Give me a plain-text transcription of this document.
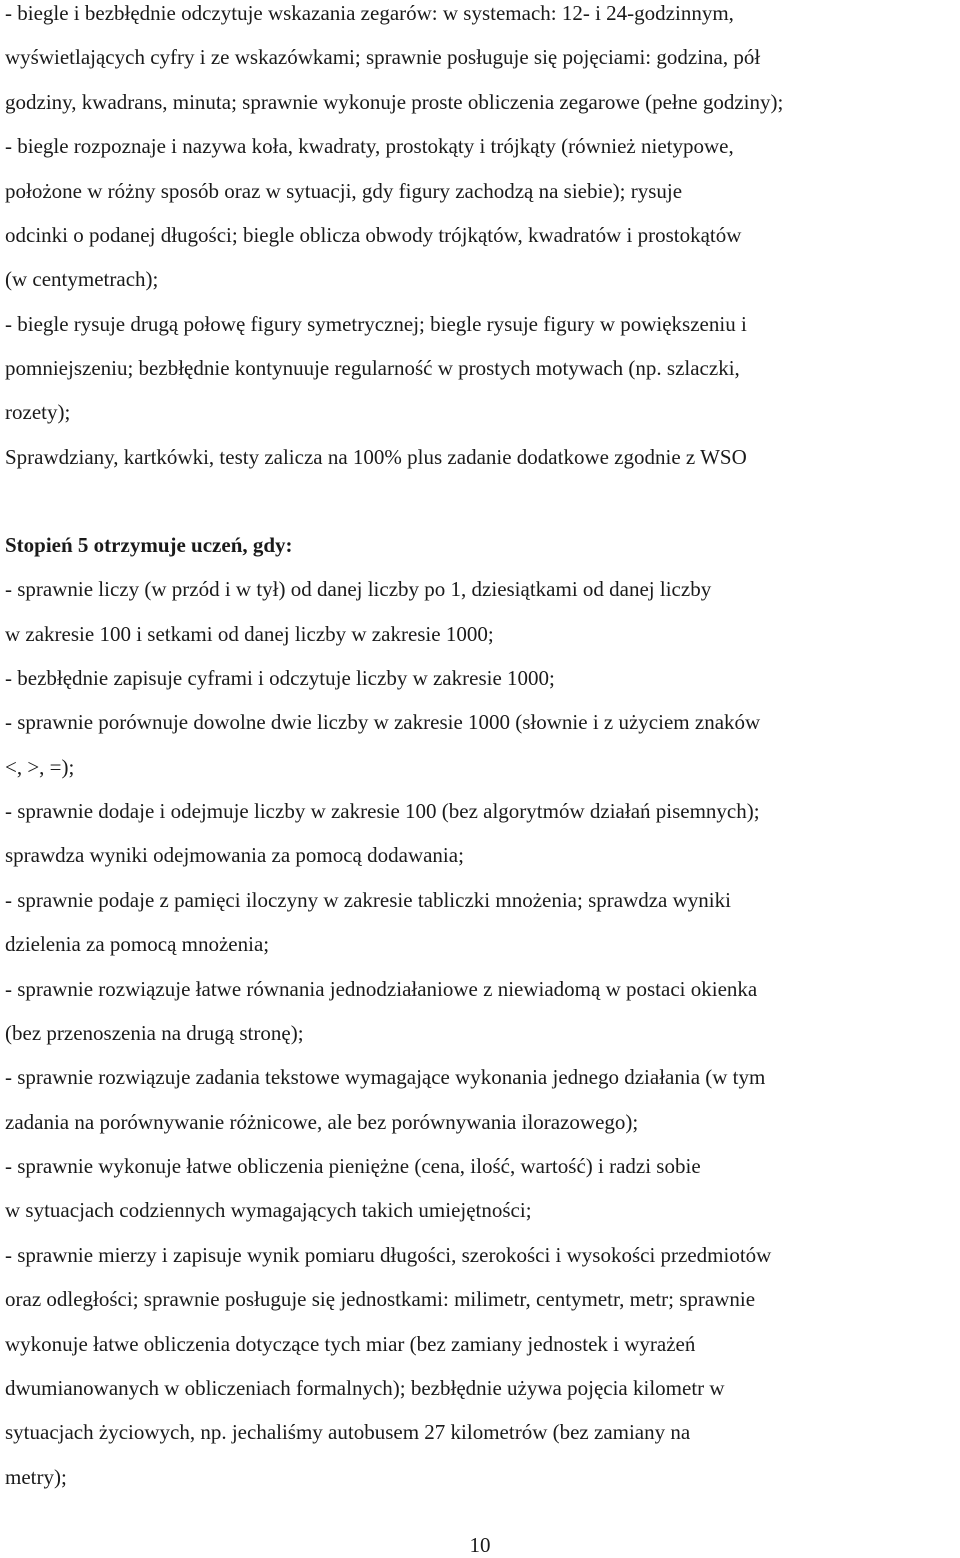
- biegle i bezbłędnie odczytuje wskazania zegarów: w systemach: 12- i 24-godzinnym,
wyświetlających cyfry i ze wskazówkami; sprawnie posługuje się pojęciami: godzina, pół
godziny, kwadrans, minuta; sprawnie wykonuje proste obliczenia zegarowe (pełne godziny);
- biegle rozpoznaje i nazywa koła, kwadraty, prostokąty i trójkąty (również nietypowe,
położone w różny sposób oraz w sytuacji, gdy figury zachodzą na siebie); rysuje
odcinki o podanej długości; biegle oblicza obwody trójkątów, kwadratów i prostokątów
(w centymetrach);
- biegle rysuje drugą połowę figury symetrycznej; biegle rysuje figury w powiększeniu i
pomniejszeniu; bezbłędnie kontynuuje regularność w prostych motywach (np. szlaczki,
rozety);
Sprawdziany, kartkówki, testy zalicza na 100% plus zadanie dodatkowe zgodnie z WSO
Stopień 5 otrzymuje uczeń, gdy:
- sprawnie liczy (w przód i w tył) od danej liczby po 1, dziesiątkami od danej liczby
w zakresie 100 i setkami od danej liczby w zakresie 1000;
- bezbłędnie zapisuje cyframi i odczytuje liczby w zakresie 1000;
- sprawnie porównuje dowolne dwie liczby w zakresie 1000 (słownie i z użyciem znaków
<, >, =);
- sprawnie dodaje i odejmuje liczby w zakresie 100 (bez algorytmów działań pisemnych);
sprawdza wyniki odejmowania za pomocą dodawania;
- sprawnie podaje z pamięci iloczyny w zakresie tabliczki mnożenia; sprawdza wyniki
dzielenia za pomocą mnożenia;
- sprawnie rozwiązuje łatwe równania jednodziałaniowe z niewiadomą w postaci okienka
(bez przenoszenia na drugą stronę);
- sprawnie rozwiązuje zadania tekstowe wymagające wykonania jednego działania (w tym
zadania na porównywanie różnicowe, ale bez porównywania ilorazowego);
- sprawnie wykonuje łatwe obliczenia pieniężne (cena, ilość, wartość) i radzi sobie
w sytuacjach codziennych wymagających takich umiejętności;
- sprawnie mierzy i zapisuje wynik pomiaru długości, szerokości i wysokości przedmiotów
oraz odległości; sprawnie posługuje się jednostkami: milimetr, centymetr, metr; sprawnie
wykonuje łatwe obliczenia dotyczące tych miar (bez zamiany jednostek i wyrażeń
dwumianowanych w obliczeniach formalnych); bezbłędnie używa pojęcia kilometr w
sytuacjach życiowych, np. jechaliśmy autobusem 27 kilometrów (bez zamiany na
metry);
10
